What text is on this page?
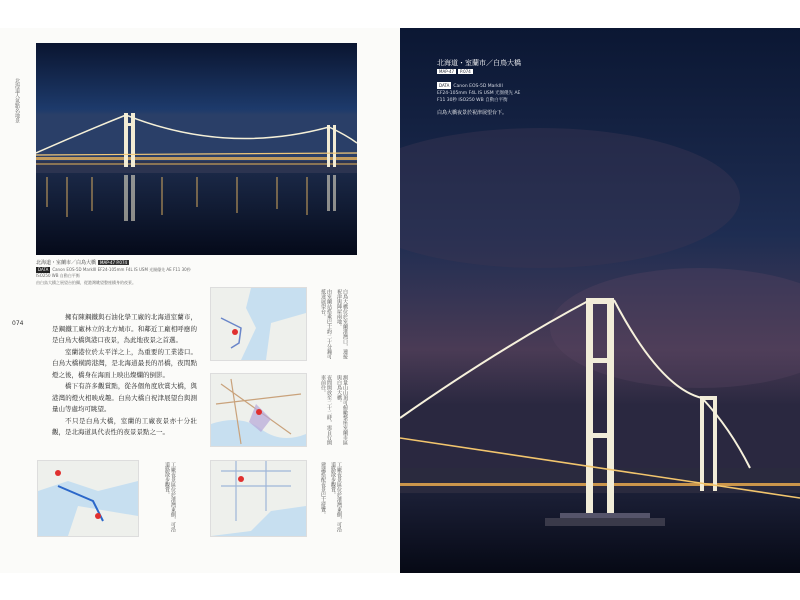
北海道人氣點名地景
074
北海道・室蘭市／白鳥大橋 MAP-47 P.074
DATA Canon EOS-5D MarkIII EF24-105mm F4L IS USM 光圈優先 AE F11 30秒 ISO250 WB 自動白平衡
由白鳥大橋之展望台拍攝，從港灣眺望整座橋身的夜景。

擁有陳鋼鐵與石油化學工廠的北海道室蘭市，是鋼鐵工廠林立的北方城市。和鄰近工廠相呼應的是白鳥大橋與港口夜景，為此地夜景之首選。

室蘭港位於太平洋之上，為重要的工業港口。白鳥大橋橫跨港灣，是北海道最長的吊橋，夜間點燈之後，橋身在海面上映出燦爛的倒影。

橋下有許多觀賞點，從各個角度欣賞大橋，與港灣的燈火相映成趣。白鳥大橋自祝津展望台與測量山等處均可眺望。

不只是白鳥大橋，室蘭的工廠夜景亦十分壯觀，是北海道具代表性的夜景景點之一。

白鳥大橋位於室蘭港灣口，連接祝津與陣屋兩地。

由室蘭站搭乘巴士約二十分鐘可抵達展望台。

測量山山頂可俯瞰整座室蘭市區與白鳥大橋。

夜間開放至二十二時，需自行開車前往。

工廠夜景區位於港灣東側，可沿道路散步觀賞。

建議搭配夜景巴士遊覽。

工廠夜景區位於港灣東側，可沿道路散步觀賞。

北海道・室蘭市／白鳥大橋
MAP-47 P.074
DATA Canon EOS-5D MarkIII
EF24-105mm F4L IS USM 光圈優先 AE
F11 30秒 ISO250 WB 自動白平衡
白鳥大橋夜景於祝津展望台下。
